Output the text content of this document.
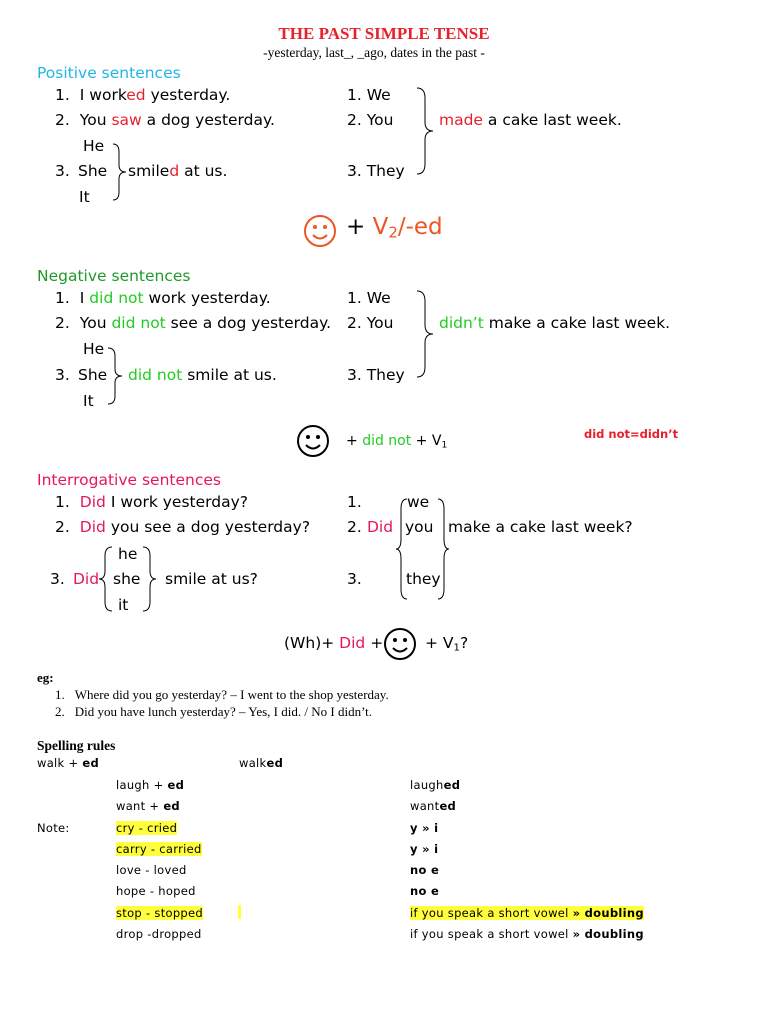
THE PAST SIMPLE TENSE
-yesterday, last_, _ago, dates in the past -
Positive sentences
1. I worked yesterday.
2. You saw a dog yesterday.
He
3. She
It
smiled at us.
1. We
2. You
3. They
made a cake last week.
+ $V_2/-ed$
Negative sentences
1. I did not work yesterday.
2. You did not see a dog yesterday.
He
3. She
It
did not smile at us.
1. We
2. You
3. They
didn’t make a cake last week.
+ did not + $V_1$
did not=didn’t
Interrogative sentences
1. Did I work yesterday?
2. Did you see a dog yesterday?
3. Did
he
she
it
smile at us?
1.	we
2. Did you make a cake last week?
3.	they
(Wh)+ Did +	+ $V_1$?
eg:
1. Where did you go yesterday? – I went to the shop yesterday.
2. Did you have lunch yesterday? – Yes, I did. / No I didn’t.
Spelling rules
walk + ed	walked
laugh + ed	laughed
want + ed	wanted
Note:	cry - cried	y » i
carry - carried	y » i
love - loved	no e
hope - hoped	no e
stop - stopped	if you speak a short vowel » doubling
drop -dropped	if you speak a short vowel » doubling
